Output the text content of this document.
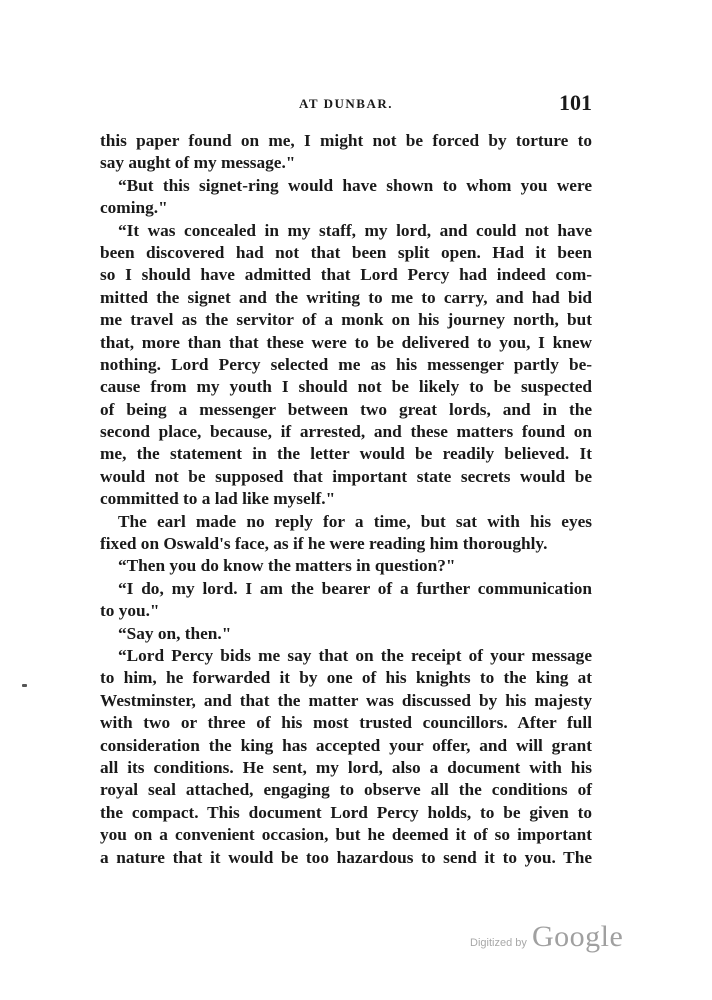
AT DUNBAR.	101
this paper found on me, I might not be forced by torture to
say aught of my message."
“But this signet-ring would have shown to whom you were
coming."
“It was concealed in my staff, my lord, and could not have
been discovered had not that been split open. Had it been
so I should have admitted that Lord Percy had indeed com-
mitted the signet and the writing to me to carry, and had bid
me travel as the servitor of a monk on his journey north, but
that, more than that these were to be delivered to you, I knew
nothing. Lord Percy selected me as his messenger partly be-
cause from my youth I should not be likely to be suspected
of being a messenger between two great lords, and in the
second place, because, if arrested, and these matters found on
me, the statement in the letter would be readily believed. It
would not be supposed that important state secrets would be
committed to a lad like myself."
The earl made no reply for a time, but sat with his eyes
fixed on Oswald's face, as if he were reading him thoroughly.
“Then you do know the matters in question?"
“I do, my lord. I am the bearer of a further communication
to you."
“Say on, then."
“Lord Percy bids me say that on the receipt of your message
to him, he forwarded it by one of his knights to the king at
Westminster, and that the matter was discussed by his majesty
with two or three of his most trusted councillors. After full
consideration the king has accepted your offer, and will grant
all its conditions. He sent, my lord, also a document with his
royal seal attached, engaging to observe all the conditions of
the compact. This document Lord Percy holds, to be given to
you on a convenient occasion, but he deemed it of so important
a nature that it would be too hazardous to send it to you. The
Digitized by Google
